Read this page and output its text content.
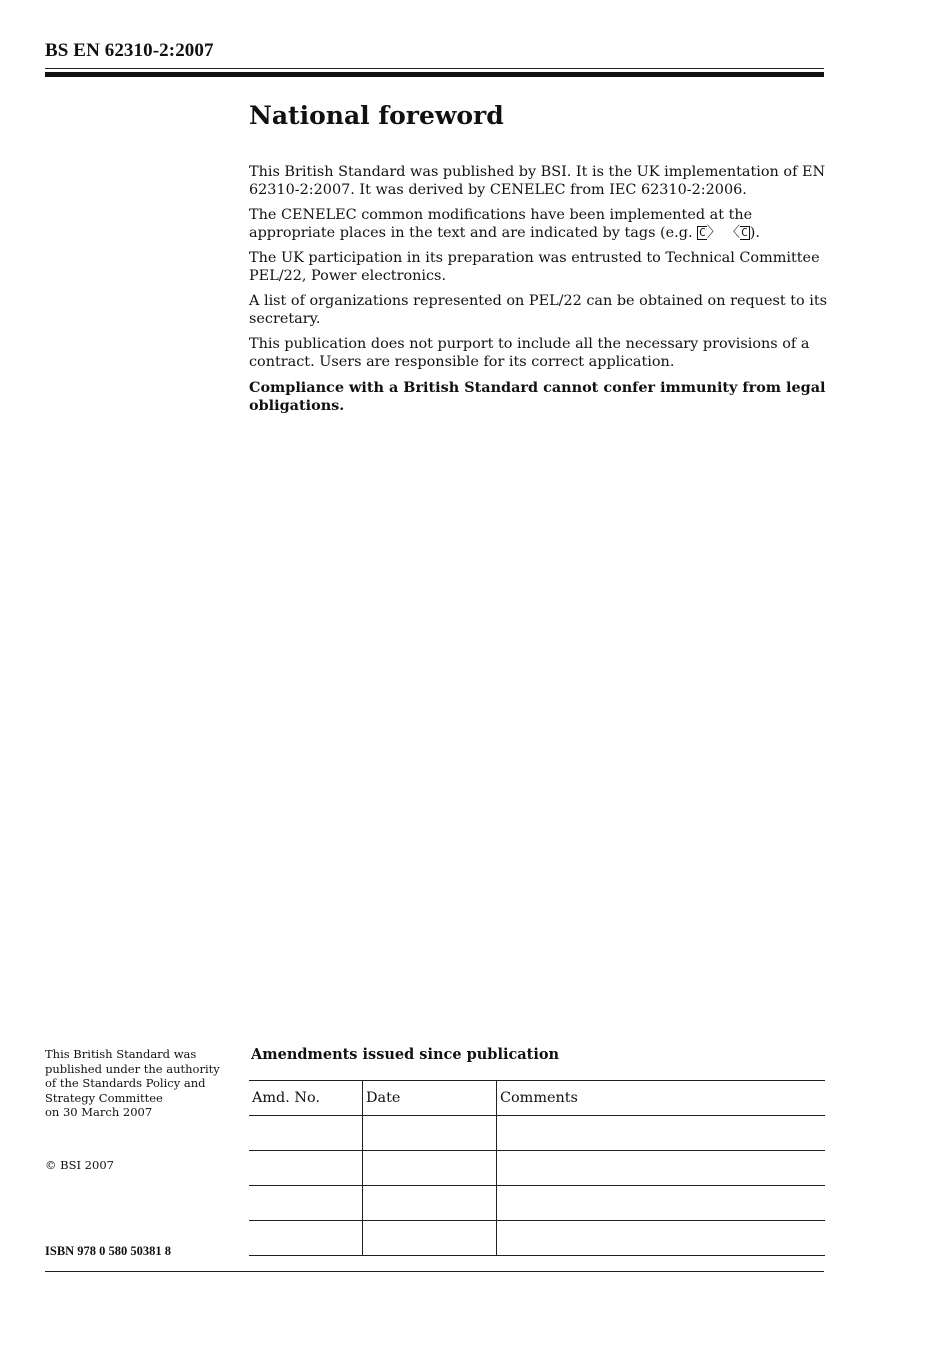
BS EN 62310-2:2007
National foreword

This British Standard was published by BSI. It is the UK implementation of EN 62310-2:2007. It was derived by CENELEC from IEC 62310-2:2006.

The CENELEC common modifications have been implemented at the appropriate places in the text and are indicated by tags (e.g. C〉 〈C ).

The UK participation in its preparation was entrusted to Technical Committee PEL/22, Power electronics.

A list of organizations represented on PEL/22 can be obtained on request to its secretary.

This publication does not purport to include all the necessary provisions of a contract. Users are responsible for its correct application.

Compliance with a British Standard cannot confer immunity from legal obligations.

This British Standard was
published under the authority
of the Standards Policy and
Strategy Committee
on 30 March 2007
© BSI 2007
ISBN 978 0 580 50381 8
Amendments issued since publication
Amd. No.	Date	Comments
